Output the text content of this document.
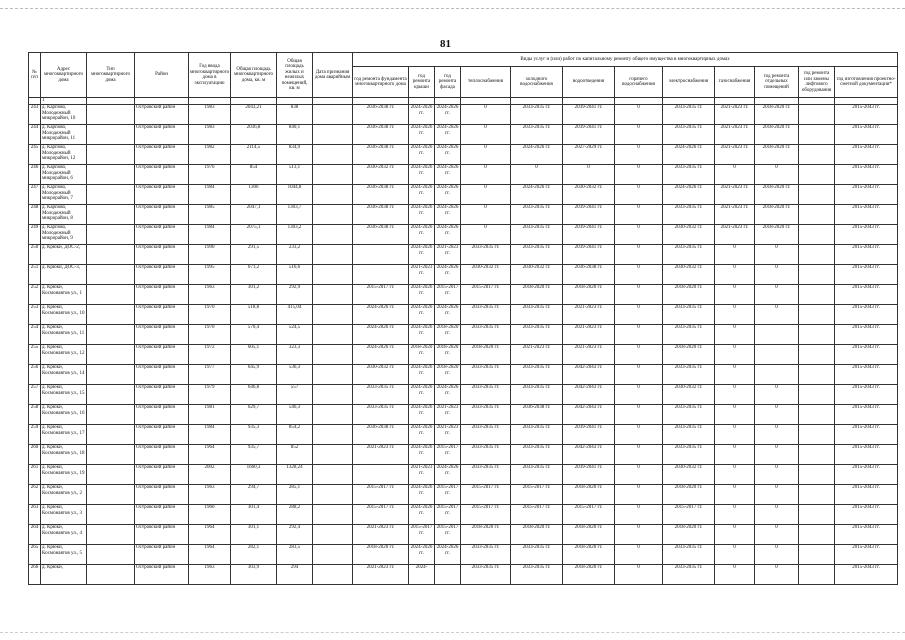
81
№ п/п	Адрес многоквартирного дома	Тип многоквартирного дома	Район	Год ввода многоквартирного дома в эксплуатацию	Общая площадь многоквартирного дома, кв. м	Общая площадь жилых и нежилых помещений, кв. м	Дата признания дома аварийным	Виды услуг и (или) работ по капитальному ремонту общего имущества в многоквартирных домах											
								год ремонта фундамента многоквартирного дома	год ремонта крыши	год ремонта фасада	теплоснабжения	холодного водоснабжения	водоотведения	горячего водоснабжения	электроснабжения	газоснабжения	год ремонта отдельных помещений	год ремонта или замены лифтового оборудования	год изготовления проектно-сметной документации*
	1																		
243	д. Карпово, Молодежный микрорайон, 10		Островский район	1983	2043,21	838		2036-2038 гг.	2024-2026 гг.	2024-2026 гг.	0	2033-2035 гг.	2039-2041 гг.	0	2033-2035 гг.	2021-2023 гг.	2018-2020 гг.		2015-2043 гг.
244	д. Карпово, Молодежный микрорайон, 11		Островский район	1983	2036,8	840,1		2036-2038 гг.	2024-2026 гг.	2024-2026 гг.	0	2033-2035 гг.	2039-2041 гг.	0	2033-2035 гг.	2021-2023 гг.	2018-2020 гг.		2015-2043 гг.
245	д. Карпово, Молодежный микрорайон, 12		Островский район	1982	2114,5	834,9		2036-2038 гг.	2024-2026 гг.	2024-2026 гг.	0	2024-2026 гг.	2027-2029 гг.	0	2024-2026 гг.	2021-2023 гг.	2018-2020 гг.		2015-2043 гг.
246	д. Карпово, Молодежный микрорайон, 6		Островский район	1976	854	513,1		2030-2032 гг.	2024-2026 гг.	2024-2026 гг.	0	0	0	0	2033-2035 гг.	0	0		2015-2043 гг.
247	д. Карпово, Молодежный микрорайон, 7		Островский район	1984	1306	1044,8		2036-2038 гг.	2024-2026 гг.	2024-2026 гг.	0	2024-2026 гг.	2030-2032 гг.	0	2024-2026 гг.	2021-2023 гг.	2018-2020 гг.		2015-2043 гг.
248	д. Карпово, Молодежный микрорайон, 8		Островский район	1985	2047,1	1303,7		2036-2038 гг.	2024-2026 гг.	2024-2026 гг.	0	2033-2035 гг.	2039-2041 гг.	0	2033-2035 гг.	2021-2023 гг.	2018-2020 гг.		2015-2043 гг.
249	д. Карпово, Молодежный микрорайон, 9		Островский район	1984	2075,1	1303,2		2036-2038 гг.	2024-2026 гг.	2024-2026 гг.	0	2033-2035 гг.	2039-2041 гг.	0	2030-2032 гг.	2021-2023 гг.	2018-2020 гг.		2015-2043 гг.
250	д. Крюки, ДОС-2,		Островский район	1990	291,5	233,2			2024-2026 гг.	2021-2023 гг.	2033-2035 гг.	2033-2035 гг.	2039-2041 гг.	0	2033-2035 гг.	0	0		2015-2043 гг.
251	д. Крюки, ДОС-3,		Островский район	1995	671,2	516,6			2021-2023 гг.	2024-2026 гг.	2030-2032 гг.	2030-2032 гг.	2036-2038 гг.	0	2030-2032 гг.	0	0		2015-2043 гг.
252	д. Крюки, Космонавтов ул., 1		Островский район	1963	301,2	292,9		2015-2017 гг.	2024-2026 гг.	2015-2017 гг.	2015-2017 гг.	2018-2020 гг.	2018-2020 гг.	0	2018-2020 гг.	0	0		2015-2043 гг.
253	д. Крюки, Космонавтов ул., 10		Островский район	1970	518,8	415,04		2024-2026 гг.	2024-2026 гг.	2024-2026 гг.	2033-2035 гг.	2033-2035 гг.	2021-2023 гг.	0	2033-2035 гг.	0	0		2015-2043 гг.
254	д. Крюки, Космонавтов ул., 11		Островский район	1970	570,4	524,5		2024-2026 гг.	2024-2026 гг.	2018-2020 гг.	2033-2035 гг.	2033-2035 гг.	2021-2023 гг.	0	2033-2035 гг.	0			2015-2043 гг.
255	д. Крюки, Космонавтов ул., 12		Островский район	1972	605,1	323,3		2024-2026 гг.	2018-2020 гг.	2018-2020 гг.	2018-2020 гг.	2021-2023 гг.	2021-2023 гг.	0	2018-2020 гг.	0			2015-2043 гг.
256	д. Крюки, Космонавтов ул., 14		Островский район	1977	645,9	536,3		2030-2032 гг.	2024-2026 гг.	2018-2020 гг.	2033-2035 гг.	2033-2035 гг.	2042-2043 гг.	0	2033-2035 гг.	0			2015-2043 гг.
257	д. Крюки, Космонавтов ул., 15		Островский район	1979	646,8	557		2033-2035 гг.	2024-2026 гг.	2024-2026 гг.	2033-2035 гг.	2033-2035 гг.	2042-2043 гг.	0	2030-2032 гг.	0	0		2015-2043 гг.
258	д. Крюки, Космонавтов ул., 16		Островский район	1981	629,7	546,3		2033-2035 гг.	2024-2026 гг.	2021-2023 гг.	2033-2035 гг.	2036-2038 гг.	2042-2043 гг.	0	2033-2035 гг.	0	0		2015-2043 гг.
259	д. Крюки, Космонавтов ул., 17		Островский район	1984	935,3	854,2		2036-2038 гг.	2024-2026 гг.	2021-2023 гг.	2033-2035 гг.	2033-2035 гг.	2039-2041 гг.	0	2033-2035 гг.	0	0		2015-2043 гг.
260	д. Крюки, Космонавтов ул., 18		Островский район	1964	935,7	852		2021-2023 гг.	2024-2026 гг.	2015-2017 гг.	2033-2035 гг.	2033-2035 гг.	2042-2043 гг.	0	2033-2035 гг.	0	0		2015-2043 гг.
261	д. Крюки, Космонавтов ул., 19		Островский район	2002	1660,3	1328,24			2021-2023 гг.	2024-2026 гг.	2033-2035 гг.	2033-2035 гг.	2039-2041 гг.	0	2030-2032 гг.	0	0		2015-2043 гг.
262	д. Крюки, Космонавтов ул., 2		Островский район	1963	294,7	285,1		2015-2017 гг.	2024-2026 гг.	2015-2017 гг.	2015-2017 гг.	2015-2017 гг.	2018-2020 гг.	0	2018-2020 гг.	0	0		2015-2043 гг.
263	д. Крюки, Космонавтов ул., 3		Островский район	1960	301,4	288,2		2015-2017 гг.	2024-2026 гг.	2015-2017 гг.	2015-2017 гг.	2015-2017 гг.	2015-2017 гг.	0	2015-2017 гг.	0	0		2015-2043 гг.
264	д. Крюки, Космонавтов ул., 4		Островский район	1964	301,1	292,4		2021-2023 гг.	2015-2017 гг.	2015-2017 гг.	2018-2020 гг.	2018-2020 гг.	2018-2020 гг.	0	2018-2020 гг.	0	0		2015-2043 гг.
265	д. Крюки, Космонавтов ул., 5		Островский район	1964	282,1	283,5		2018-2020 гг.	2024-2026 гг.	2024-2026 гг.	2033-2035 гг.	2033-2035 гг.	2018-2020 гг.	0	2033-2035 гг.	0	0		2015-2043 гг.
266	д. Крюки,		Островский район	1963	303,9	294		2021-2023 гг.	2024-		2033-2035 гг.	2033-2035 гг.	2018-2020 гг.	0	2033-2035 гг.	0	0		2015-2043 гг.
